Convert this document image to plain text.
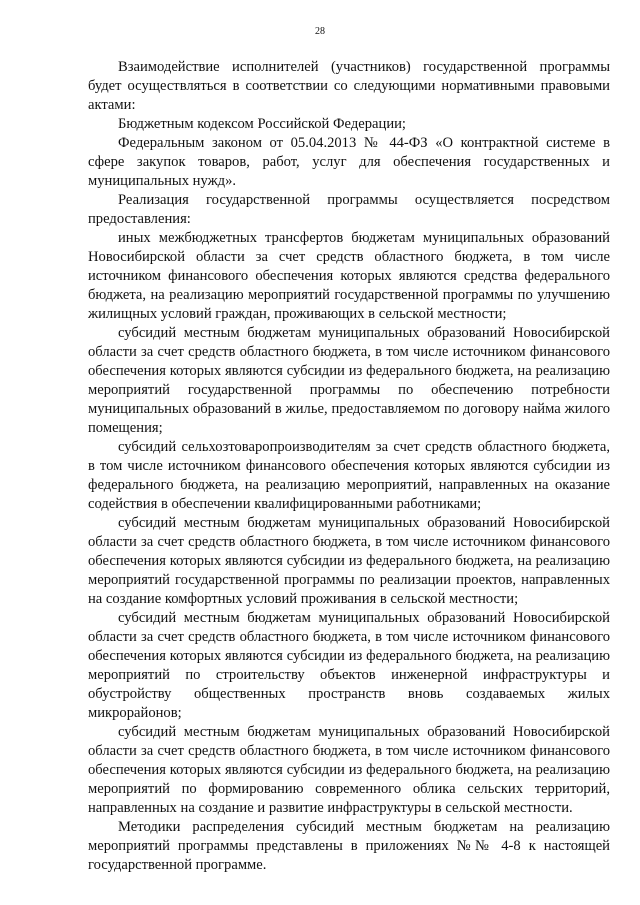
28

Взаимодействие исполнителей (участников) государственной программы будет осуществляться в соответствии со следующими нормативными правовыми актами:

Бюджетным кодексом Российской Федерации;

Федеральным законом от 05.04.2013 № 44-ФЗ «О контрактной системе в сфере закупок товаров, работ, услуг для обеспечения государственных и муниципальных нужд».

Реализация государственной программы осуществляется посредством предоставления:

иных межбюджетных трансфертов бюджетам муниципальных образований Новосибирской области за счет средств областного бюджета, в том числе источником финансового обеспечения которых являются средства федерального бюджета, на реализацию мероприятий государственной программы по улучшению жилищных условий граждан, проживающих в сельской местности;

субсидий местным бюджетам муниципальных образований Новосибирской области за счет средств областного бюджета, в том числе источником финансового обеспечения которых являются субсидии из федерального бюджета, на реализацию мероприятий государственной программы по обеспечению потребности муниципальных образований в жилье, предоставляемом по договору найма жилого помещения;

субсидий сельхозтоваропроизводителям за счет средств областного бюджета, в том числе источником финансового обеспечения которых являются субсидии из федерального бюджета, на реализацию мероприятий, направленных на оказание содействия в обеспечении квалифицированными работниками;

субсидий местным бюджетам муниципальных образований Новосибирской области за счет средств областного бюджета, в том числе источником финансового обеспечения которых являются субсидии из федерального бюджета, на реализацию мероприятий государственной программы по реализации проектов, направленных на создание комфортных условий проживания в сельской местности;

субсидий местным бюджетам муниципальных образований Новосибирской области за счет средств областного бюджета, в том числе источником финансового обеспечения которых являются субсидии из федерального бюджета, на реализацию мероприятий по строительству объектов инженерной инфраструктуры и обустройству общественных пространств вновь создаваемых жилых микрорайонов;

субсидий местным бюджетам муниципальных образований Новосибирской области за счет средств областного бюджета, в том числе источником финансового обеспечения которых являются субсидии из федерального бюджета, на реализацию мероприятий по формированию современного облика сельских территорий, направленных на создание и развитие инфраструктуры в сельской местности.

Методики распределения субсидий местным бюджетам на реализацию мероприятий программы представлены в приложениях №№ 4-8 к настоящей государственной программе.
